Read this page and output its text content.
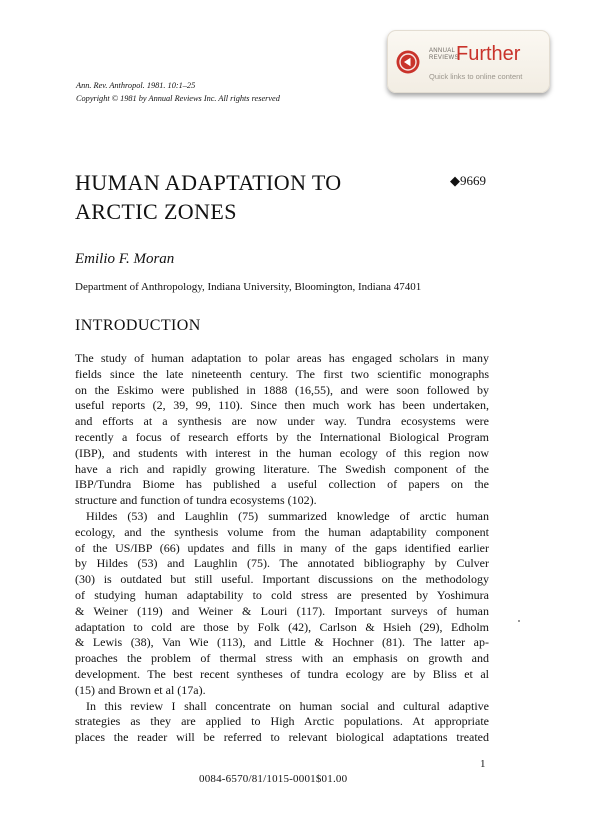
Ann. Rev. Anthropol. 1981. 10:1–25
Copyright © 1981 by Annual Reviews Inc. All rights reserved
ANNUAL
REVIEWS
Further
Quick links to online content
HUMAN ADAPTATION TO
ARCTIC ZONES
◆9669
Emilio F. Moran
Department of Anthropology, Indiana University, Bloomington, Indiana 47401
INTRODUCTION
The study of human adaptation to polar areas has engaged scholars in many
fields since the late nineteenth century. The first two scientific monographs
on the Eskimo were published in 1888 (16,55), and were soon followed by
useful reports (2, 39, 99, 110). Since then much work has been undertaken,
and efforts at a synthesis are now under way. Tundra ecosystems were
recently a focus of research efforts by the International Biological Program
(IBP), and students with interest in the human ecology of this region now
have a rich and rapidly growing literature. The Swedish component of the
IBP/Tundra Biome has published a useful collection of papers on the
structure and function of tundra ecosystems (102).
Hildes (53) and Laughlin (75) summarized knowledge of arctic human
ecology, and the synthesis volume from the human adaptability component
of the US/IBP (66) updates and fills in many of the gaps identified earlier
by Hildes (53) and Laughlin (75). The annotated bibliography by Culver
(30) is outdated but still useful. Important discussions on the methodology
of studying human adaptability to cold stress are presented by Yoshimura
& Weiner (119) and Weiner & Louri (117). Important surveys of human
adaptation to cold are those by Folk (42), Carlson & Hsieh (29), Edholm
& Lewis (38), Van Wie (113), and Little & Hochner (81). The latter ap-
proaches the problem of thermal stress with an emphasis on growth and
development. The best recent syntheses of tundra ecology are by Bliss et al
(15) and Brown et al (17a).
In this review I shall concentrate on human social and cultural adaptive
strategies as they are applied to High Arctic populations. At appropriate
places the reader will be referred to relevant biological adaptations treated
1
0084-6570/81/1015-0001$01.00
